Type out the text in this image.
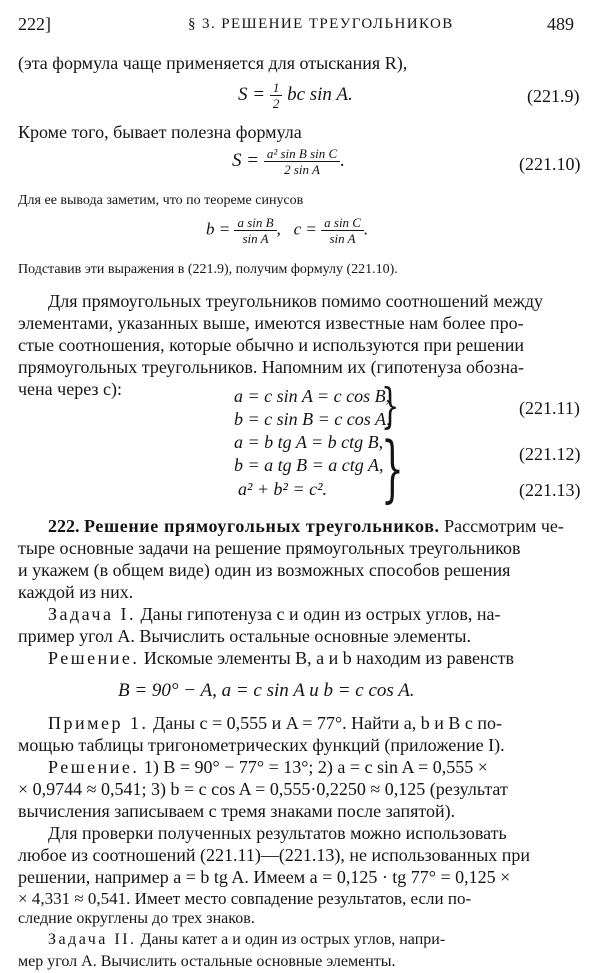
222]	§ 3. РЕШЕНИЕ ТРЕУГОЛЬНИКОВ	489
(эта формула чаще применяется для отыскания R),
$S = \frac{1}{2}$ bc sin A.	(221.9)
Кроме того, бывает полезна формула
$S = \frac{\text{a² sin B sin C}}{\text{2 sin A}}$ .	(221.10)
Для ее вывода заметим, что по теореме синусов
$b = \frac{\text{a sin B}}{\text{sin A}}$ , $c = \frac{\text{a sin C}}{\text{sin A}}$ .
Подставив эти выражения в (221.9), получим формулу (221.10).
Для прямоугольных треугольников помимо соотношений между
элементами, указанных выше, имеются известные нам более про-
стые соотношения, которые обычно и используются при решении
прямоугольных треугольников. Напомним их (гипотенуза обозна-
чена через c):	a = c sin A = c cos B,
b = c sin B = c cos A;
}	(221.11)
a = b tg A = b ctg B,
b = a tg B = a ctg A,
}	(221.12)
a² + b² = c².	(221.13)
222. Решение прямоугольных треугольников. Рассмотрим че-
тыре основные задачи на решение прямоугольных треугольников
и укажем (в общем виде) один из возможных способов решения
каждой из них.
Задача I. Даны гипотенуза c и один из острых углов, на-
пример угол A. Вычислить остальные основные элементы.
Решение. Искомые элементы B, a и b находим из равенств
B = 90° − A, a = c sin A и b = c cos A.
Пример 1. Даны c = 0,555 и A = 77°. Найти a, b и B с по-
мощью таблицы тригонометрических функций (приложение I).
Решение. 1) B = 90° − 77° = 13°; 2) a = c sin A = 0,555 ×
× 0,9744 ≈ 0,541; 3) b = c cos A = 0,555·0,2250 ≈ 0,125 (результат
вычисления записываем с тремя знаками после запятой).
Для проверки полученных результатов можно использовать
любое из соотношений (221.11)—(221.13), не использованных при
решении, например a = b tg A. Имеем a = 0,125 · tg 77° = 0,125 ×
× 4,331 ≈ 0,541. Имеет место совпадение результатов, если по-
следние округлены до трех знаков.
Задача II. Даны катет a и один из острых углов, напри-
мер угол A. Вычислить остальные основные элементы.
